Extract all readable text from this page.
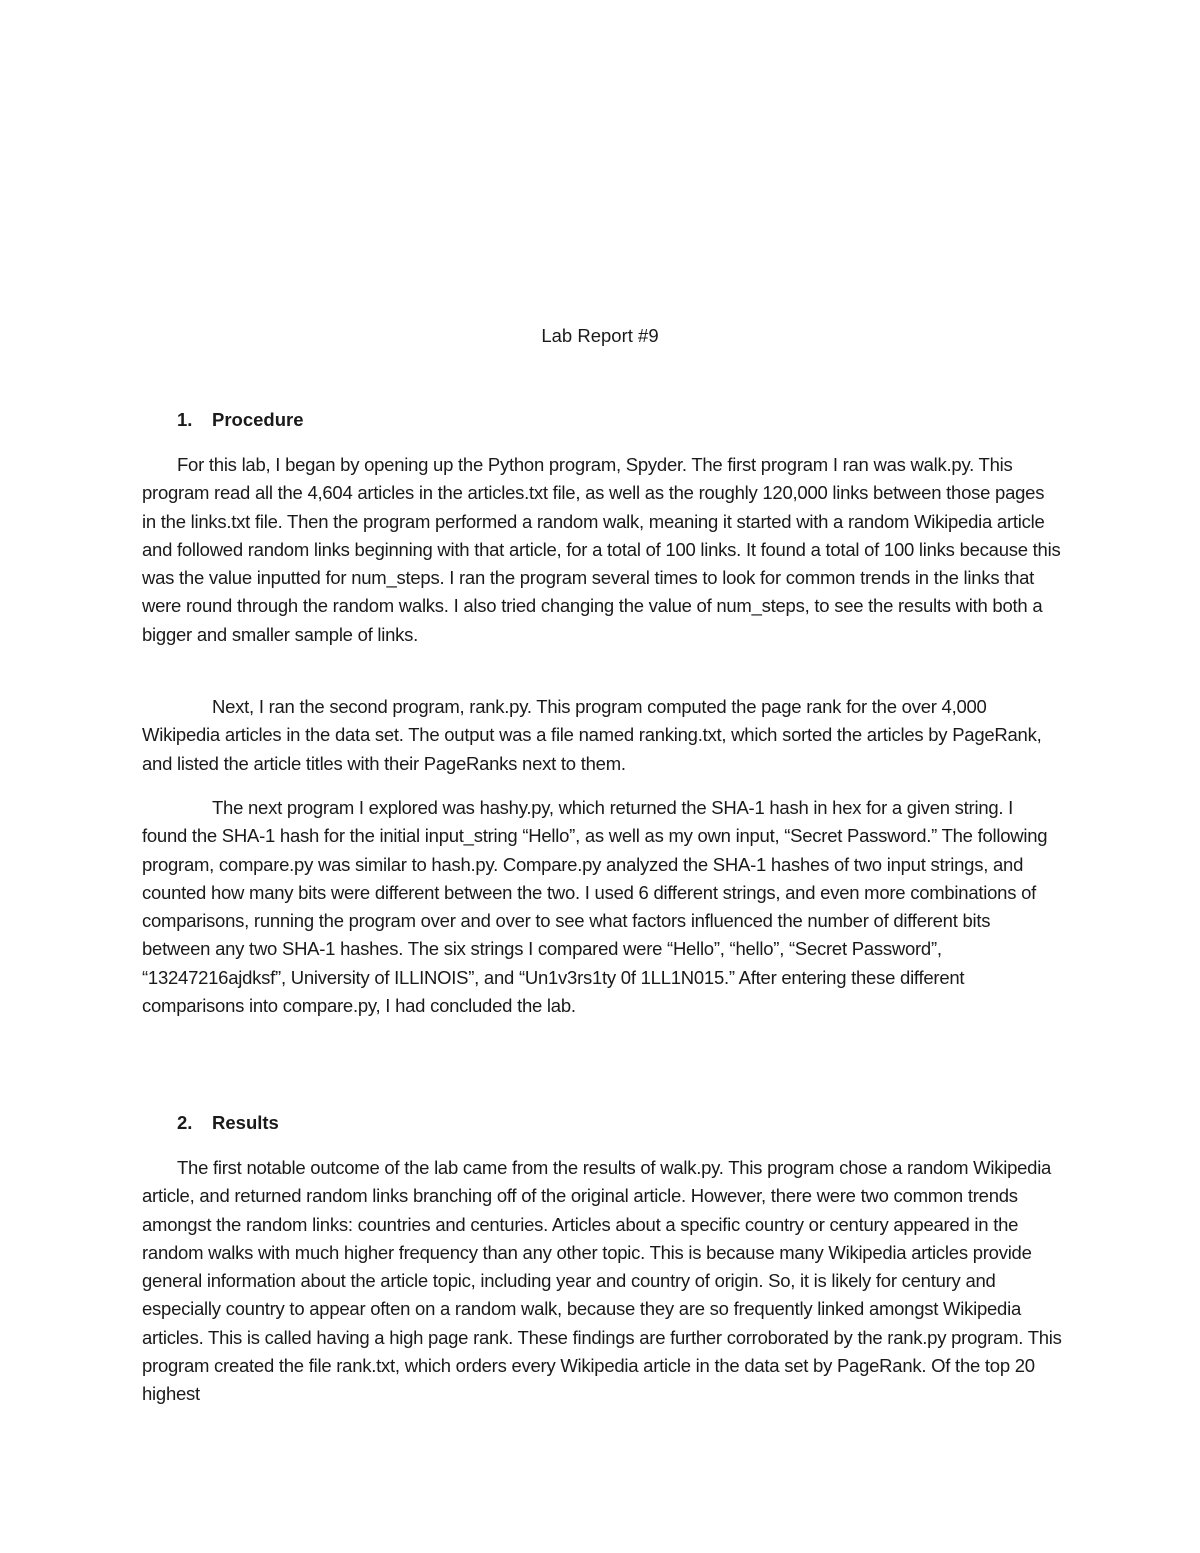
Lab Report #9
1. Procedure

For this lab, I began by opening up the Python program, Spyder. The first program I ran was walk.py. This program read all the 4,604 articles in the articles.txt file, as well as the roughly 120,000 links between those pages in the links.txt file. Then the program performed a random walk, meaning it started with a random Wikipedia article and followed random links beginning with that article, for a total of 100 links. It found a total of 100 links because this was the value inputted for num_steps. I ran the program several times to look for common trends in the links that were round through the random walks. I also tried changing the value of num_steps, to see the results with both a bigger and smaller sample of links.

Next, I ran the second program, rank.py. This program computed the page rank for the over 4,000 Wikipedia articles in the data set. The output was a file named ranking.txt, which sorted the articles by PageRank, and listed the article titles with their PageRanks next to them.

The next program I explored was hashy.py, which returned the SHA-1 hash in hex for a given string. I found the SHA-1 hash for the initial input_string “Hello”, as well as my own input, “Secret Password.” The following program, compare.py was similar to hash.py. Compare.py analyzed the SHA-1 hashes of two input strings, and counted how many bits were different between the two. I used 6 different strings, and even more combinations of comparisons, running the program over and over to see what factors influenced the number of different bits between any two SHA-1 hashes. The six strings I compared were “Hello”, “hello”, “Secret Password”, “13247216ajdksf”, University of ILLINOIS”, and “Un1v3rs1ty 0f 1LL1N015.” After entering these different comparisons into compare.py, I had concluded the lab.

2. Results

The first notable outcome of the lab came from the results of walk.py. This program chose a random Wikipedia article, and returned random links branching off of the original article. However, there were two common trends amongst the random links: countries and centuries. Articles about a specific country or century appeared in the random walks with much higher frequency than any other topic. This is because many Wikipedia articles provide general information about the article topic, including year and country of origin. So, it is likely for century and especially country to appear often on a random walk, because they are so frequently linked amongst Wikipedia articles. This is called having a high page rank. These findings are further corroborated by the rank.py program. This program created the file rank.txt, which orders every Wikipedia article in the data set by PageRank. Of the top 20 highest
